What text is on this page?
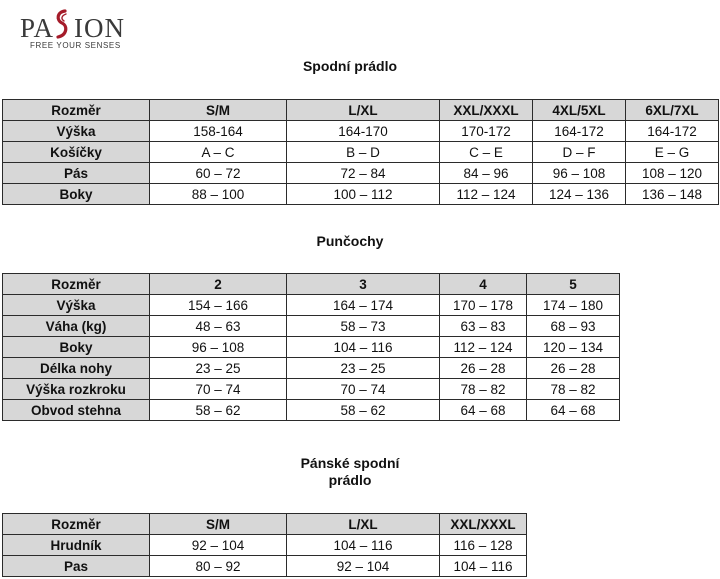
PA ION
FREE YOUR SENSES
Spodní prádlo
Rozměr	S/M	L/XL	XXL/XXXL	4XL/5XL	6XL/7XL
Výška	158-164	164-170	170-172	164-172	164-172
Košíčky	A – C	B – D	C – E	D – F	E – G
Pás	60 – 72	72 – 84	84 – 96	96 – 108	108 – 120
Boky	88 – 100	100 – 112	112 – 124	124 – 136	136 – 148
Punčochy
Rozměr	2	3	4	5
Výška	154 – 166	164 – 174	170 – 178	174 – 180
Váha (kg)	48 – 63	58 – 73	63 – 83	68 – 93
Boky	96 – 108	104 – 116	112 – 124	120 – 134
Délka nohy	23 – 25	23 – 25	26 – 28	26 – 28
Výška rozkroku	70 – 74	70 – 74	78 – 82	78 – 82
Obvod stehna	58 – 62	58 – 62	64 – 68	64 – 68
Pánské spodní
prádlo
Rozměr	S/M	L/XL	XXL/XXXL
Hrudník	92 – 104	104 – 116	116 – 128
Pas	80 – 92	92 – 104	104 – 116
